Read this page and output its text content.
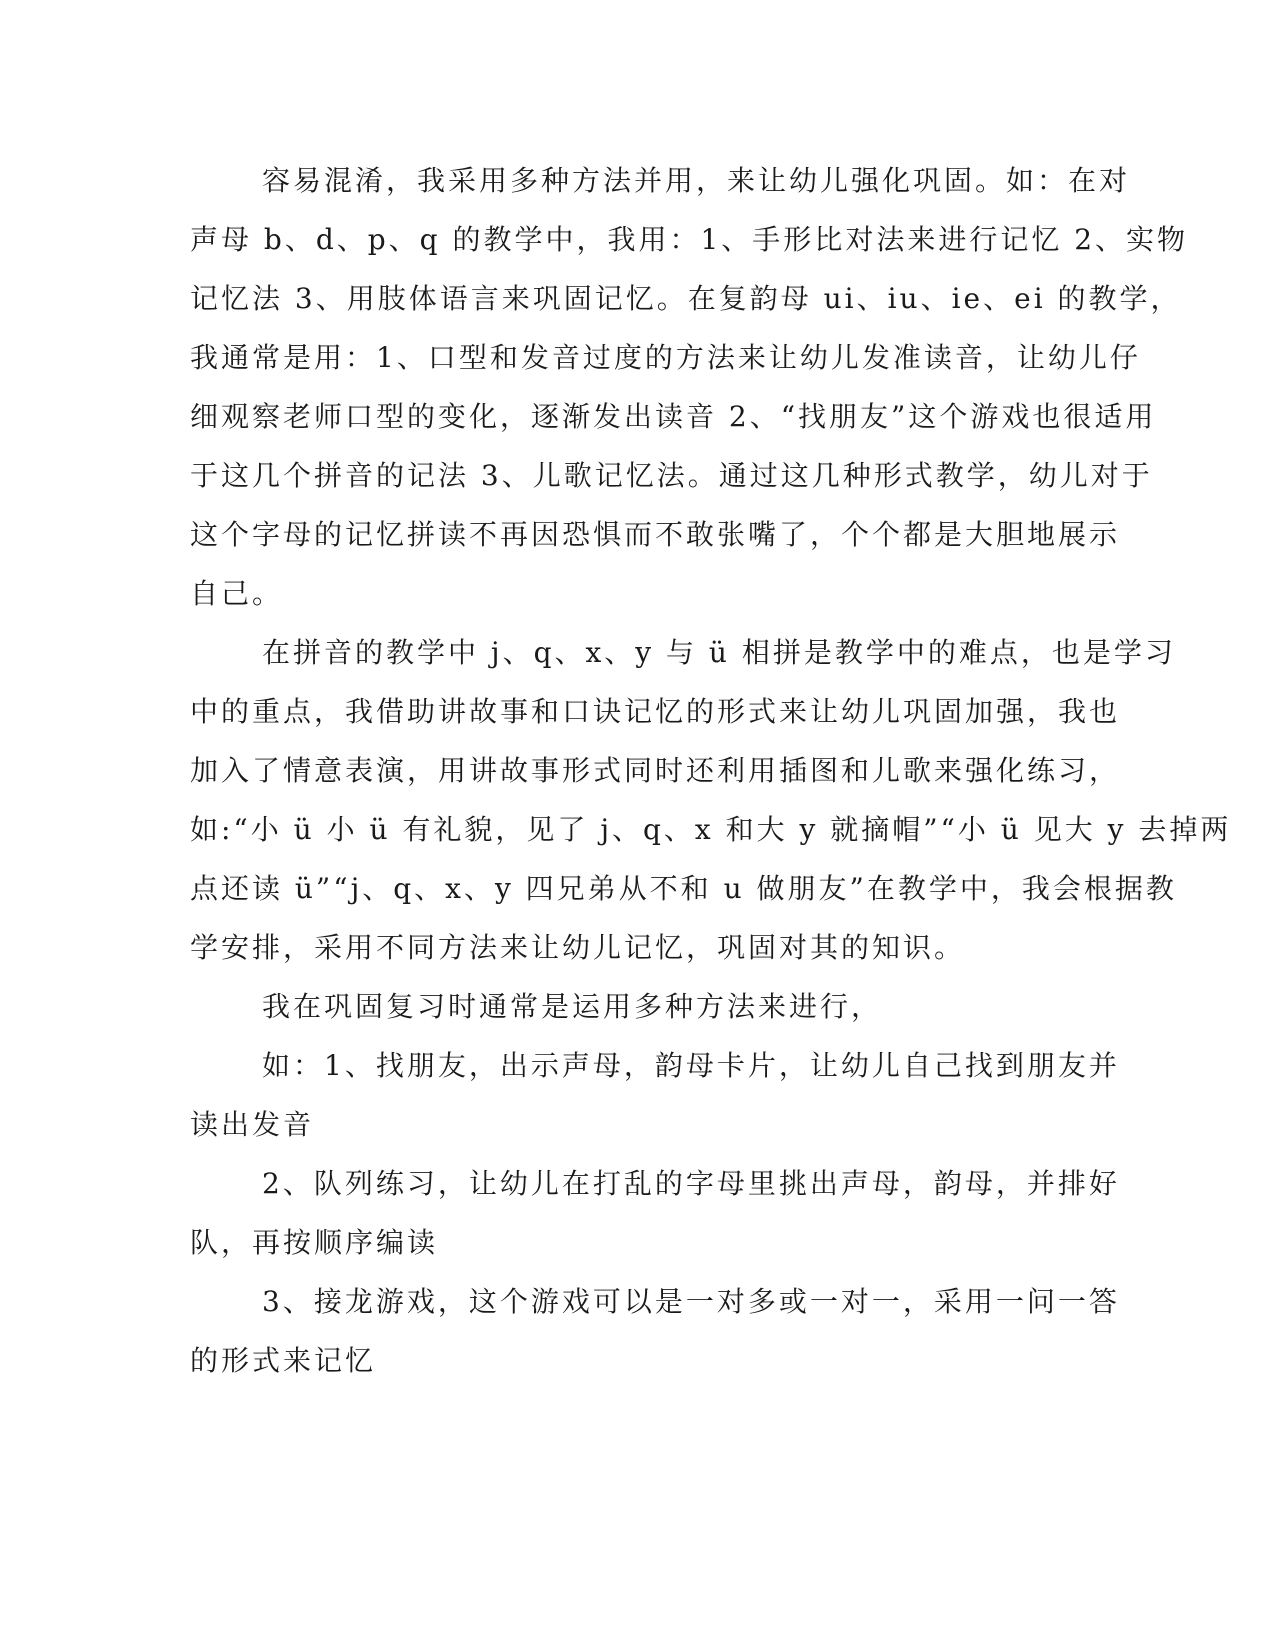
容易混淆，我采用多种方法并用，来让幼儿强化巩固。如：在对
声母 b、d、p、q 的教学中，我用：1、手形比对法来进行记忆 2、实物
记忆法 3、用肢体语言来巩固记忆。在复韵母 ui、iu、ie、ei 的教学，
我通常是用：1、口型和发音过度的方法来让幼儿发准读音，让幼儿仔
细观察老师口型的变化，逐渐发出读音 2、“找朋友”这个游戏也很适用
于这几个拼音的记法 3、儿歌记忆法。通过这几种形式教学，幼儿对于
这个字母的记忆拼读不再因恐惧而不敢张嘴了，个个都是大胆地展示
自己。
在拼音的教学中 j、q、x、y 与 ü 相拼是教学中的难点，也是学习
中的重点，我借助讲故事和口诀记忆的形式来让幼儿巩固加强，我也
加入了情意表演，用讲故事形式同时还利用插图和儿歌来强化练习，
如:“小 ü 小 ü 有礼貌，见了 j、q、x 和大 y 就摘帽”“小 ü 见大 y 去掉两
点还读 ü”“j、q、x、y 四兄弟从不和 u 做朋友”在教学中，我会根据教
学安排，采用不同方法来让幼儿记忆，巩固对其的知识。
我在巩固复习时通常是运用多种方法来进行，
如：1、找朋友，出示声母，韵母卡片，让幼儿自己找到朋友并
读出发音
2、队列练习，让幼儿在打乱的字母里挑出声母，韵母，并排好
队，再按顺序编读
3、接龙游戏，这个游戏可以是一对多或一对一，采用一问一答
的形式来记忆
